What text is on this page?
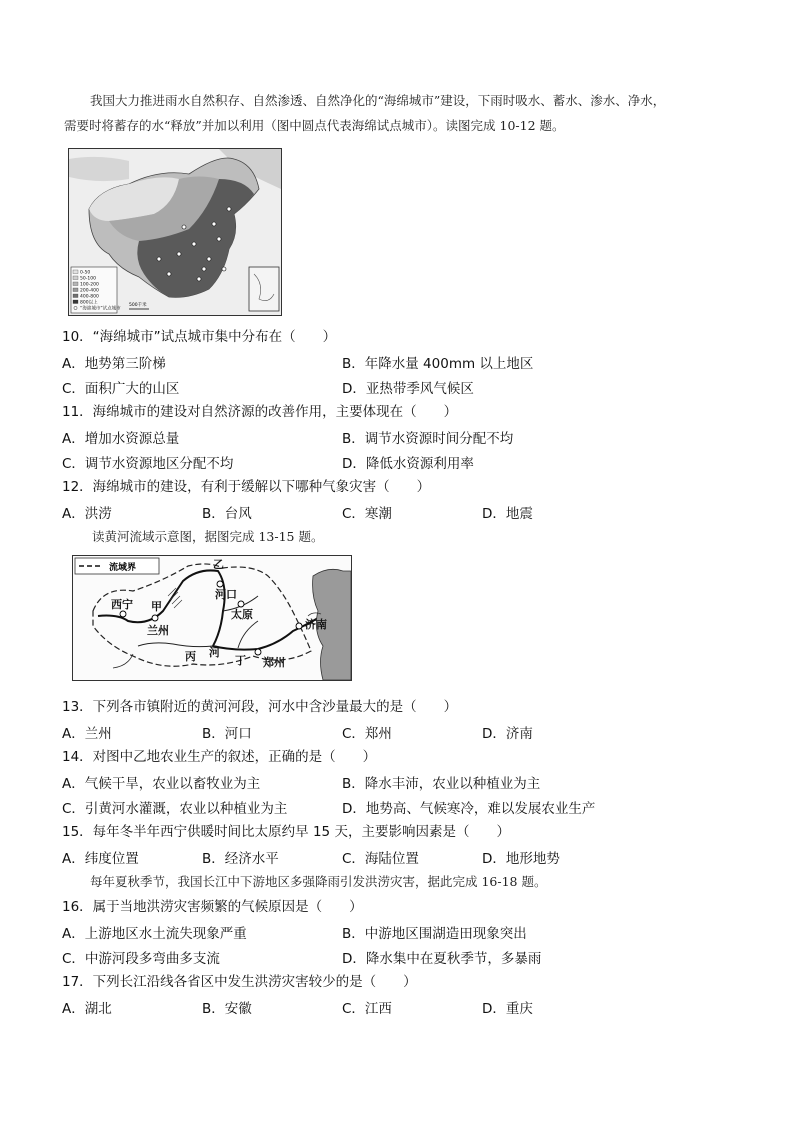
我国大力推进雨水自然积存、自然渗透、自然净化的“海绵城市”建设，下雨时吸水、蓄水、渗水、净水，
需要时将蓄存的水“释放”并加以利用（图中圆点代表海绵试点城市）。读图完成 10-12 题。
0-50
50-100
100-200
200-400
400-800
800以上
“海绵城市”试点城市
500千米
10．“海绵城市”试点城市集中分布在（　　）
A．地势第三阶梯	B．年降水量 400mm 以上地区
C．面积广大的山区	D．亚热带季风气候区
11．海绵城市的建设对自然济源的改善作用，主要体现在（　　）
A．增加水资源总量	B．调节水资源时间分配不均
C．调节水资源地区分配不均	D．降低水资源利用率
12．海绵城市的建设，有利于缓解以下哪种气象灾害（　　）
A．洪涝	B．台风	C．寒潮	D．地震
读黄河流域示意图，据图完成 13-15 题。
流域界	乙
河口
太原
济南
西宁 甲
兰州
丙 河
丁 郑州
13．下列各市镇附近的黄河河段，河水中含沙量最大的是（　　）
A．兰州	B．河口	C．郑州	D．济南
14．对图中乙地农业生产的叙述，正确的是（　　）
A．气候干旱，农业以畜牧业为主	B．降水丰沛，农业以种植业为主
C．引黄河水灌溉，农业以种植业为主	D．地势高、气候寒冷，难以发展农业生产
15．每年冬半年西宁供暖时间比太原约早 15 天，主要影响因素是（　　）
A．纬度位置	B．经济水平	C．海陆位置	D．地形地势
每年夏秋季节，我国长江中下游地区多强降雨引发洪涝灾害，据此完成 16-18 题。
16．属于当地洪涝灾害频繁的气候原因是（　　）
A．上游地区水土流失现象严重	B．中游地区围湖造田现象突出
C．中游河段多弯曲多支流	D．降水集中在夏秋季节，多暴雨
17．下列长江沿线各省区中发生洪涝灾害较少的是（　　）
A．湖北	B．安徽	C．江西	D．重庆
